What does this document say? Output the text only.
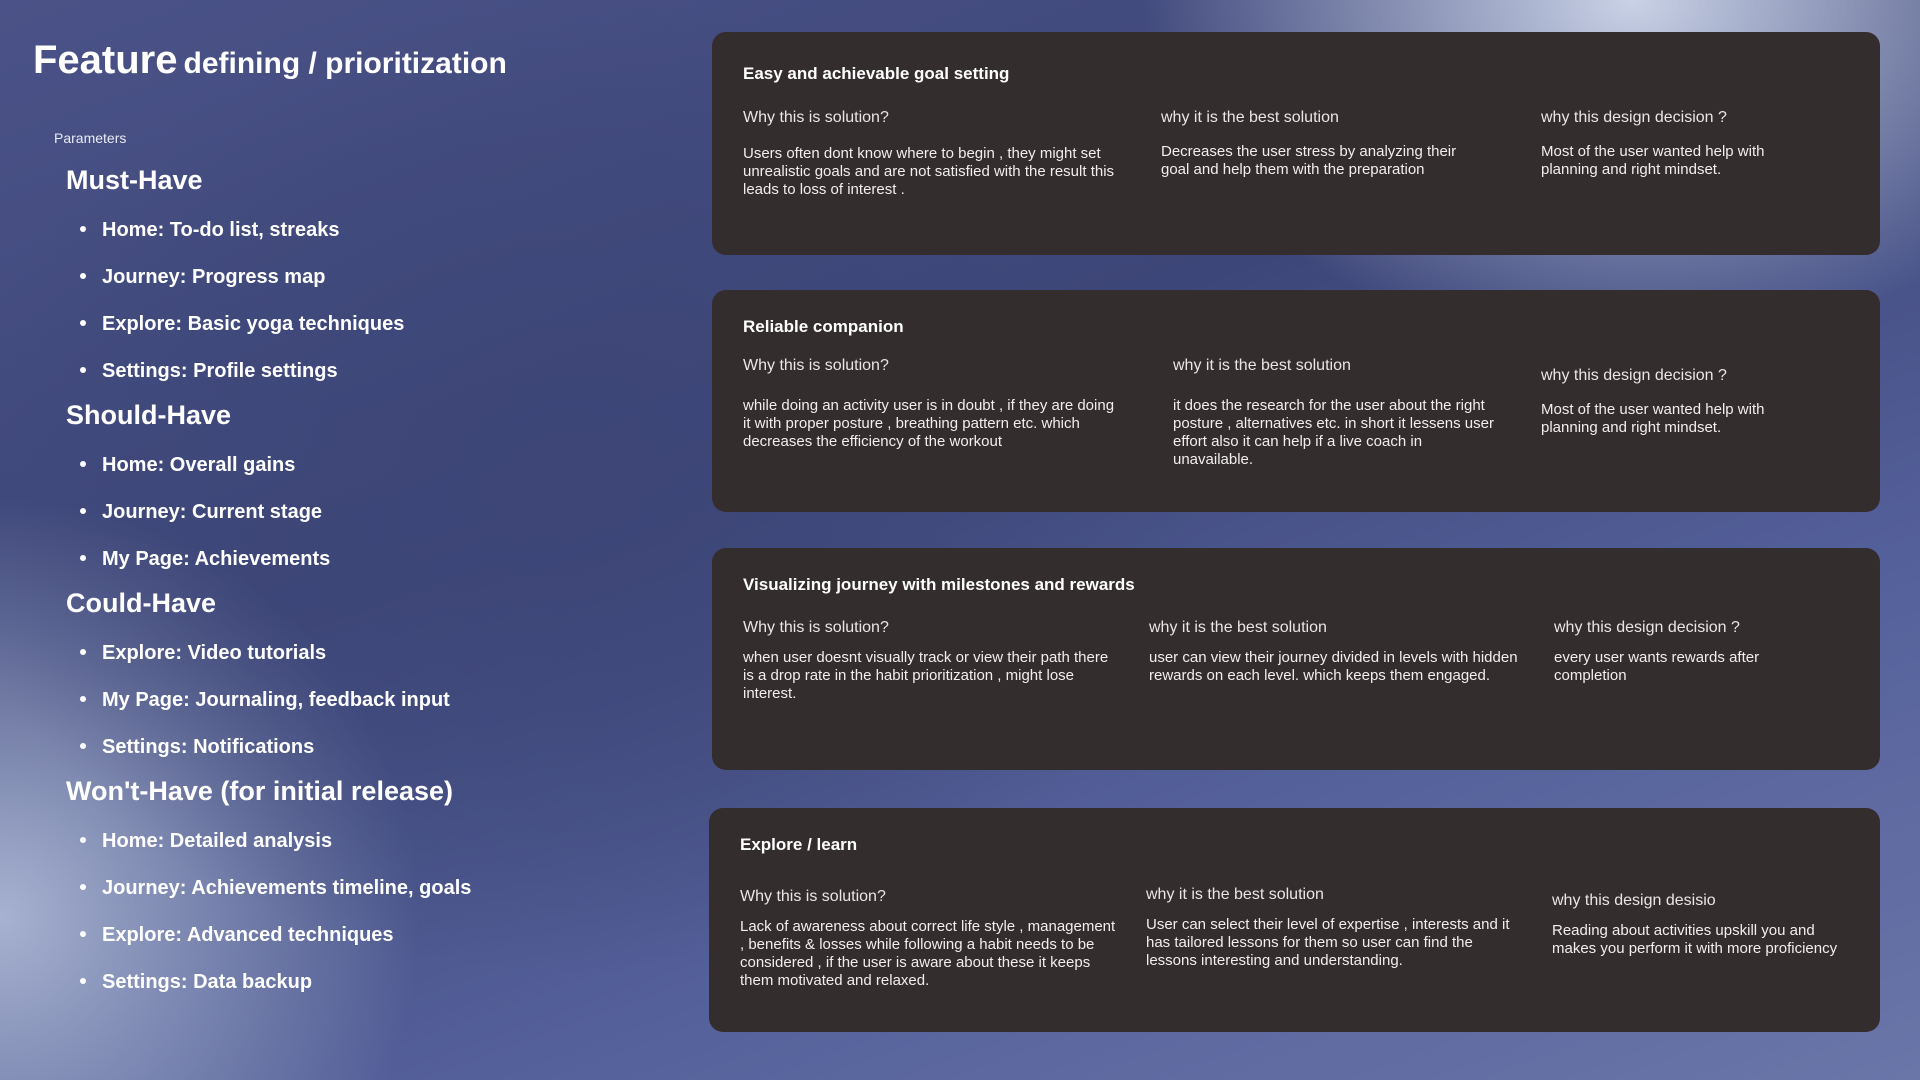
Feature defining / prioritization
Parameters
Must-Have
Home: To-do list, streaks
Journey: Progress map
Explore: Basic yoga techniques
Settings: Profile settings
Should-Have
Home: Overall gains
Journey: Current stage
My Page: Achievements
Could-Have
Explore: Video tutorials
My Page: Journaling, feedback input
Settings: Notifications
Won't-Have (for initial release)
Home: Detailed analysis
Journey: Achievements timeline, goals
Explore: Advanced techniques
Settings: Data backup
Easy and achievable goal setting
Why this is solution?
Users often dont know where to begin , they might set unrealistic goals and are not satisfied with the result this leads to loss of interest .
why it is the best solution
Decreases the user stress by analyzing their goal and help them with the preparation
why this design decision ?
Most of the user wanted help with planning and right mindset.
Reliable companion
Why this is solution?
while doing an activity user is in doubt , if they are doing it with proper posture , breathing pattern etc. which decreases the efficiency of the workout
why it is the best solution
it does the research for the user about the right posture , alternatives etc. in short it lessens user effort also it can help if a live coach in unavailable.
why this design decision ?
Most of the user wanted help with planning and right mindset.
Visualizing journey with milestones and rewards
Why this is solution?
when user doesnt visually track or view their path there is a drop rate in the habit prioritization , might lose interest.
why it is the best solution
user can view their journey divided in levels with hidden rewards on each level. which keeps them engaged.
why this design decision ?
every user wants rewards after completion
Explore / learn
Why this is solution?
Lack of awareness about correct life style , management , benefits & losses while following a habit needs to be considered , if the user is aware about these it keeps them motivated and relaxed.
why it is the best solution
User can select their level of expertise , interests and it has tailored lessons for them so user can find the lessons interesting and understanding.
why this design desisio
Reading about activities upskill you and makes you perform it with more proficiency
